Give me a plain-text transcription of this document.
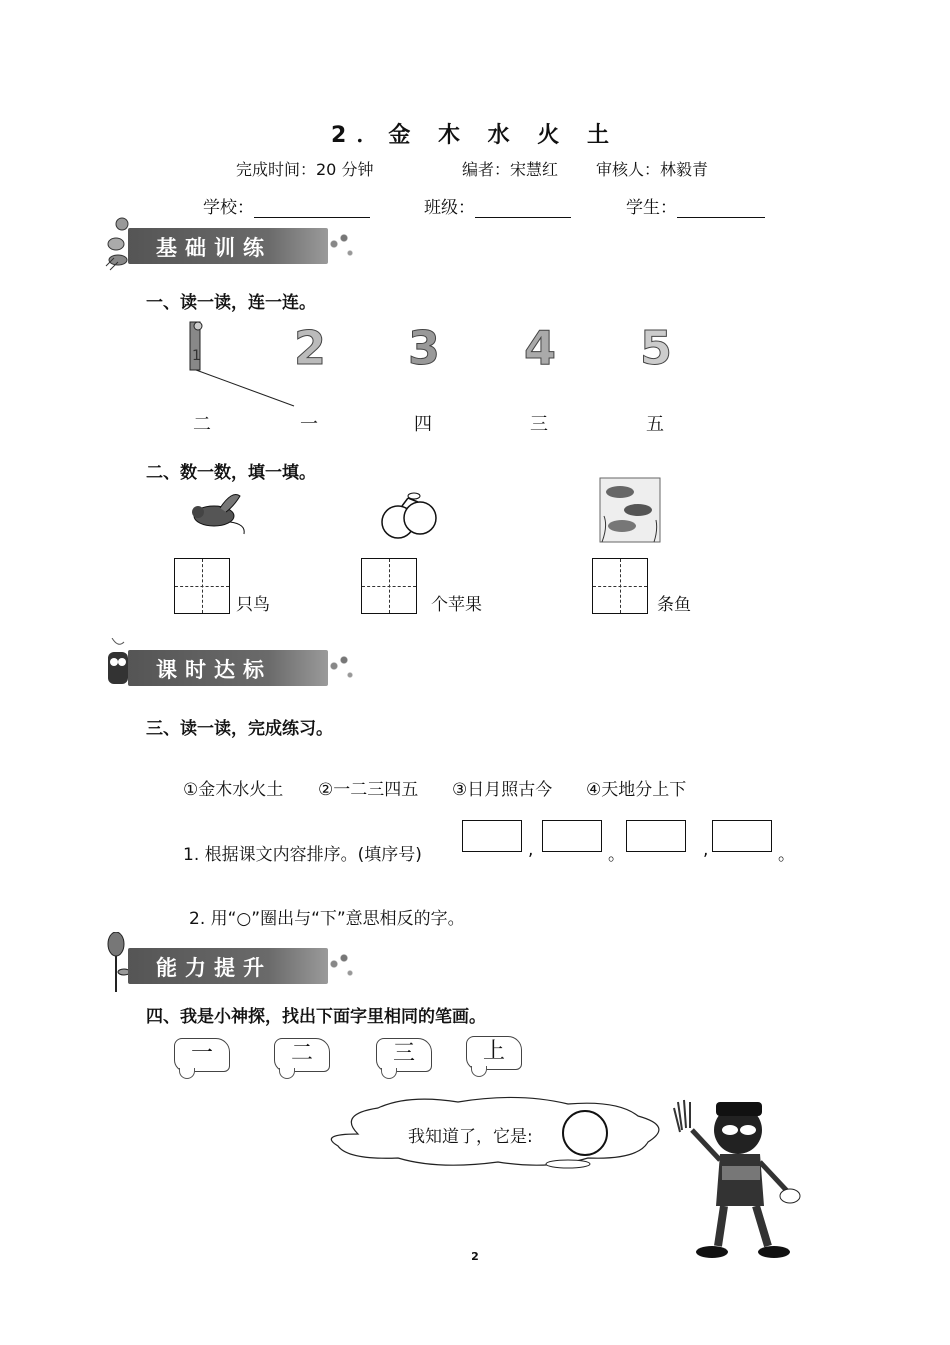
2．金 木 水 火 土
完成时间：20 分钟	编者：宋慧红 审核人：林毅青
学校：	班级：	学生：
基础训练
一、读一读，连一连。
1 2 3 4 5
二	一	四	三	五
二、数一数，填一填。
只鸟	个苹果	条鱼
课时达标
三、读一读，完成练习。
①金木水火土 ②一二三四五 ③日月照古今 ④天地分上下
1. 根据课文内容排序。(填序号)	,	。	,	。
2. 用“○”圈出与“下”意思相反的字。
能力提升
四、我是小神探，找出下面字里相同的笔画。
一	二	三	上
我知道了，它是:
2
